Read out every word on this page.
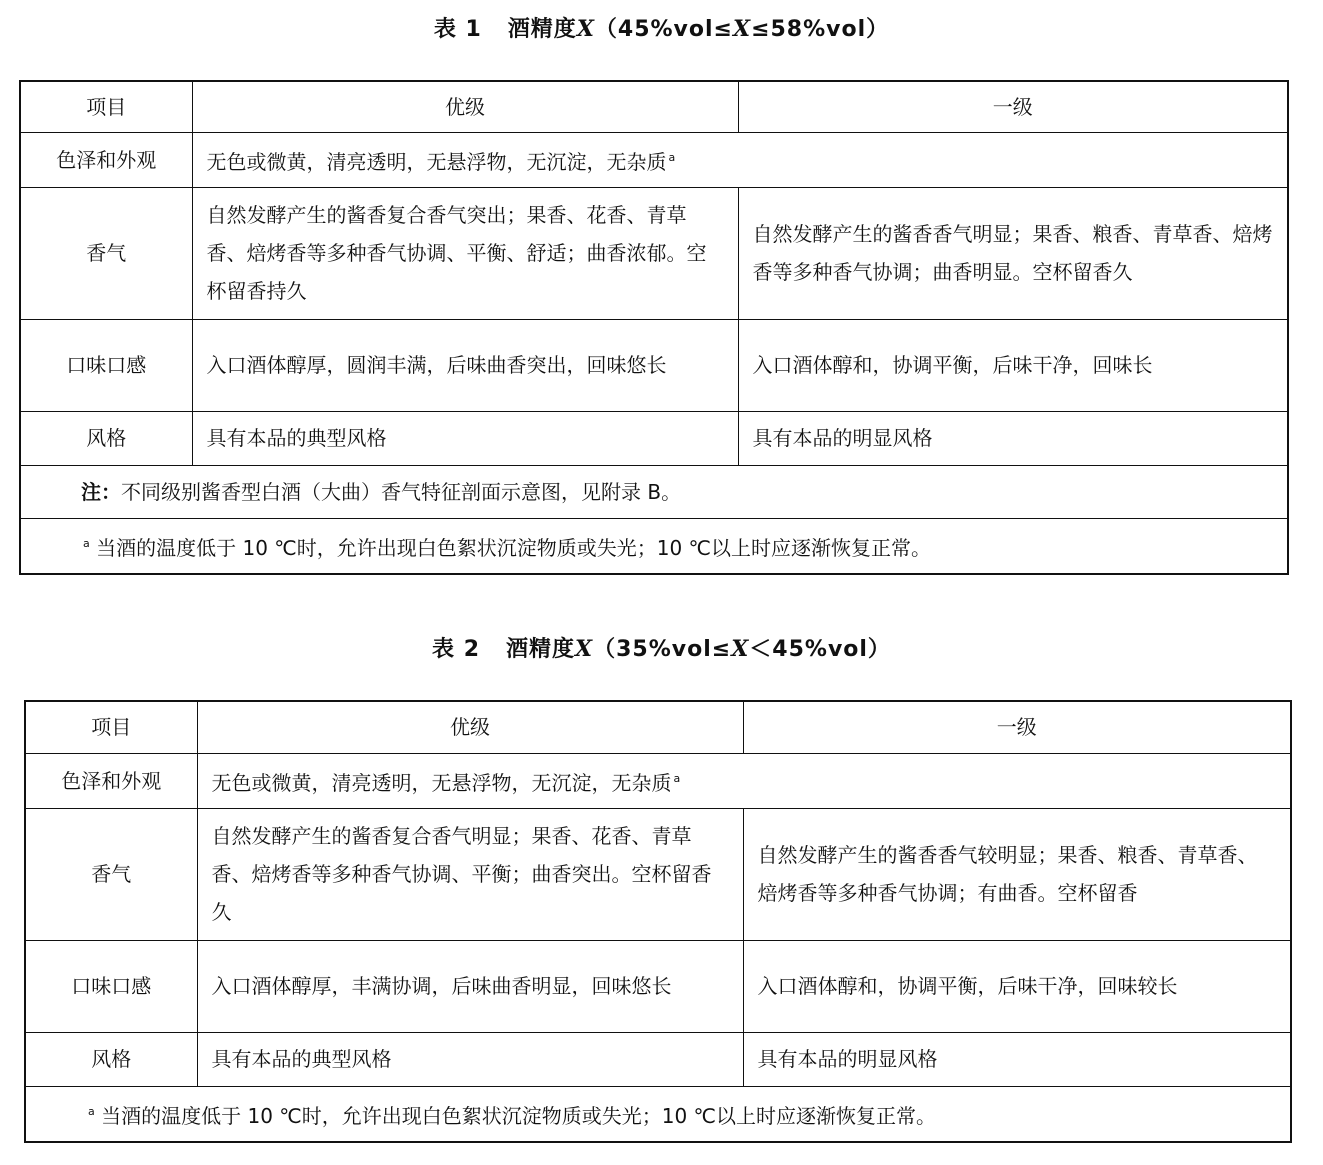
表 1 酒精度X（45%vol≤X≤58%vol）
项目	优级	一级
色泽和外观	无色或微黄，清亮透明，无悬浮物，无沉淀，无杂质 $^a$
香气	自然发酵产生的酱香复合香气突出；果香、花香、青草香、焙烤香等多种香气协调、平衡、舒适；曲香浓郁。空杯留香持久	自然发酵产生的酱香香气明显；果香、粮香、青草香、焙烤香等多种香气协调；曲香明显。空杯留香久
口味口感	入口酒体醇厚，圆润丰满，后味曲香突出，回味悠长	入口酒体醇和，协调平衡，后味干净，回味长
风格	具有本品的典型风格	具有本品的明显风格
注：不同级别酱香型白酒（大曲）香气特征剖面示意图，见附录 B。		
$^a$ 当酒的温度低于 10 ℃时，允许出现白色絮状沉淀物质或失光；10 ℃以上时应逐渐恢复正常。		
表 2 酒精度X（35%vol≤X＜45%vol）
项目	优级	一级
色泽和外观	无色或微黄，清亮透明，无悬浮物，无沉淀，无杂质 $^a$
香气	自然发酵产生的酱香复合香气明显；果香、花香、青草香、焙烤香等多种香气协调、平衡；曲香突出。空杯留香久	自然发酵产生的酱香香气较明显；果香、粮香、青草香、焙烤香等多种香气协调；有曲香。空杯留香
口味口感	入口酒体醇厚，丰满协调，后味曲香明显，回味悠长	入口酒体醇和，协调平衡，后味干净，回味较长
风格	具有本品的典型风格	具有本品的明显风格
$^a$ 当酒的温度低于 10 ℃时，允许出现白色絮状沉淀物质或失光；10 ℃以上时应逐渐恢复正常。		
